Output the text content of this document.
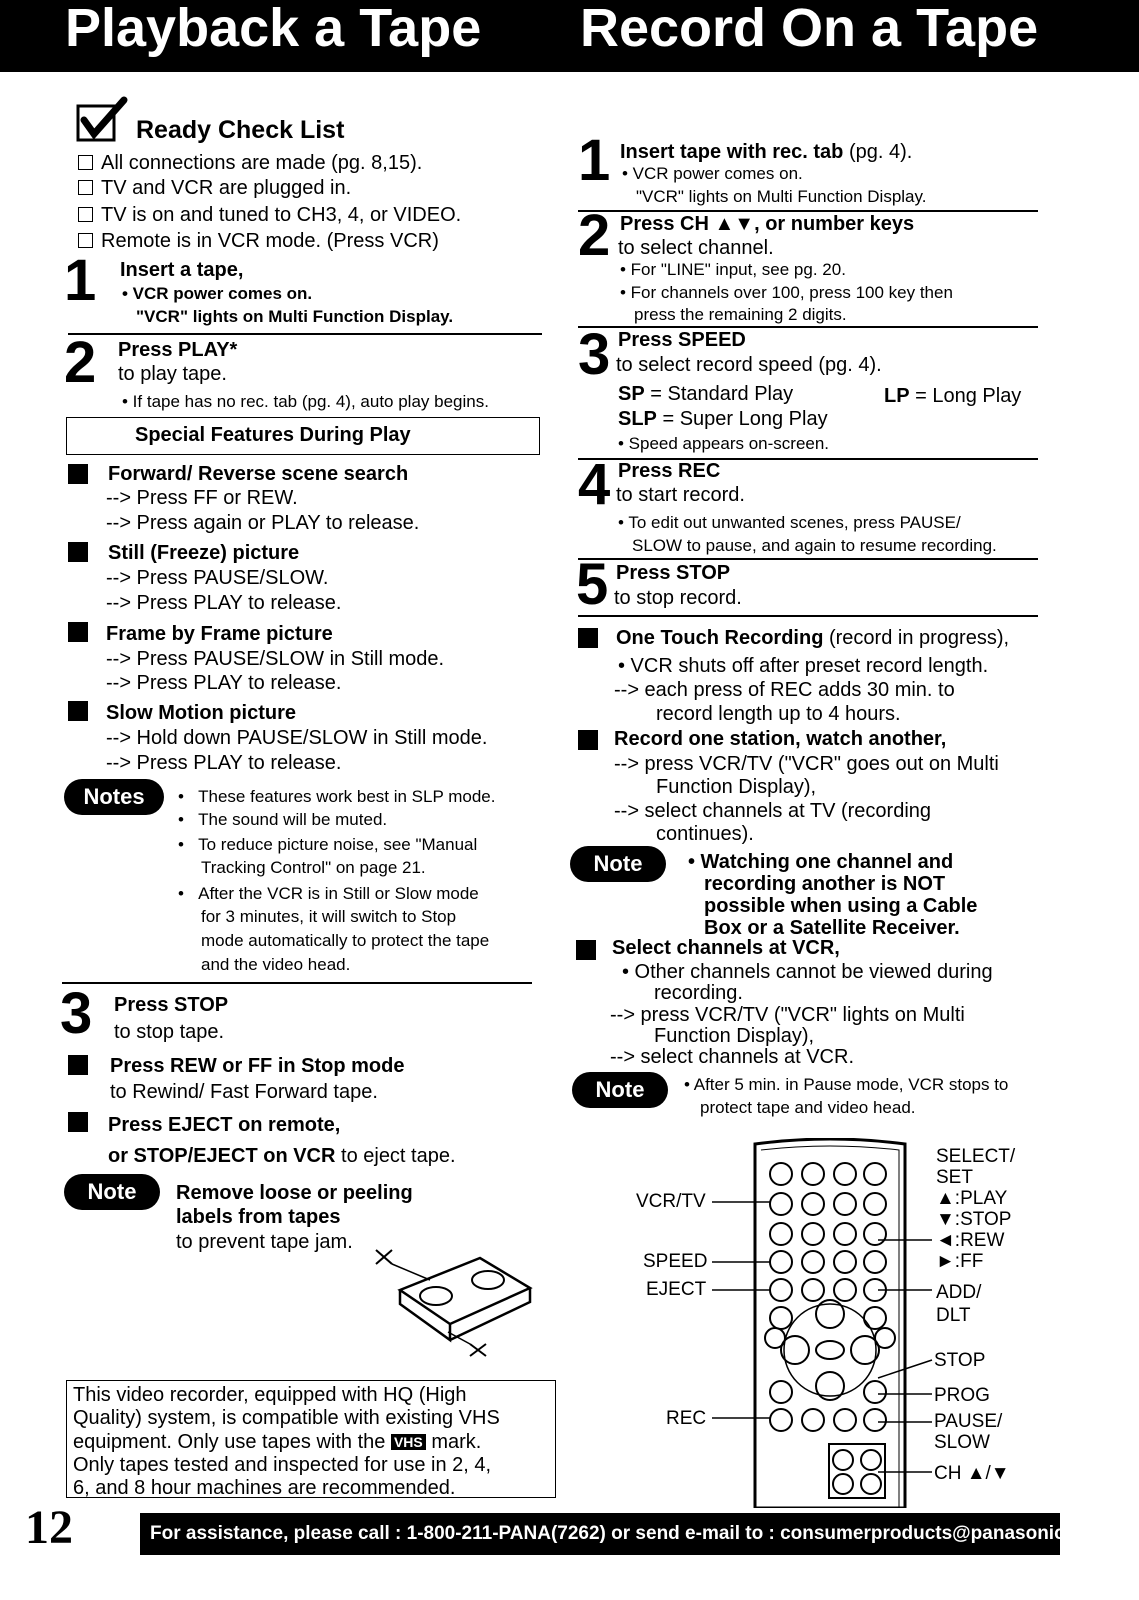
Playback a Tape Record On a Tape
Ready Check List
All connections are made (pg. 8,15).
TV and VCR are plugged in.
TV is on and tuned to CH3, 4, or VIDEO.
Remote is in VCR mode. (Press VCR)
1 Insert a tape,
• VCR power comes on.
"VCR" lights on Multi Function Display.
2 Press PLAY*
to play tape.
• If tape has no rec. tab (pg. 4), auto play begins.
Special Features During Play
Forward/ Reverse scene search
--> Press FF or REW.
--> Press again or PLAY to release.
Still (Freeze) picture
--> Press PAUSE/SLOW.
--> Press PLAY to release.
Frame by Frame picture
--> Press PAUSE/SLOW in Still mode.
--> Press PLAY to release.
Slow Motion picture
--> Hold down PAUSE/SLOW in Still mode.
--> Press PLAY to release.
Notes	•   These features work best in SLP mode.
•   The sound will be muted.
•   To reduce picture noise, see "Manual
Tracking Control" on page 21.
•   After the VCR is in Still or Slow mode
for 3 minutes, it will switch to Stop
mode automatically to protect the tape
and the video head.
3 Press STOP
to stop tape.
Press REW or FF in Stop mode
to Rewind/ Fast Forward tape.
Press EJECT on remote,
or STOP/EJECT on VCR to eject tape.
Note	Remove loose or peeling
labels from tapes
to prevent tape jam.
This video recorder, equipped with HQ (High
Quality) system, is compatible with existing VHS
equipment. Only use tapes with the VHS mark.
Only tapes tested and inspected for use in 2, 4,
6, and 8 hour machines are recommended.
1 Insert tape with rec. tab (pg. 4).
• VCR power comes on.
"VCR" lights on Multi Function Display.
2 Press CH ▲▼, or number keys
to select channel.
• For "LINE" input, see pg. 20.
• For channels over 100, press 100 key then
press the remaining 2 digits.
3 Press SPEED
to select record speed (pg. 4).
SP = Standard Play	LP = Long Play
SLP = Super Long Play
• Speed appears on-screen.
4 Press REC
to start record.
• To edit out unwanted scenes, press PAUSE/
SLOW to pause, and again to resume recording.
5 Press STOP
to stop record.
One Touch Recording (record in progress),
• VCR shuts off after preset record length.
--> each press of REC adds 30 min. to
record length up to 4 hours.
Record one station, watch another,
--> press VCR/TV ("VCR" goes out on Multi
Function Display),
--> select channels at TV (recording
continues).
Note	• Watching one channel and
recording another is NOT
possible when using a Cable
Box or a Satellite Receiver.
Select channels at VCR,
• Other channels cannot be viewed during
recording.
--> press VCR/TV ("VCR" lights on Multi
Function Display),
--> select channels at VCR.
Note	• After 5 min. in Pause mode, VCR stops to
protect tape and video head.
VCR/TV
SPEED
EJECT
REC
SELECT/
SET
▲:PLAY
▼:STOP
◄:REW
►:FF
ADD/
DLT
STOP
PROG
PAUSE/
SLOW
CH ▲/▼
12	For assistance, please call : 1-800-211-PANA(7262) or send e-mail to : consumerproducts@panasonic.com
